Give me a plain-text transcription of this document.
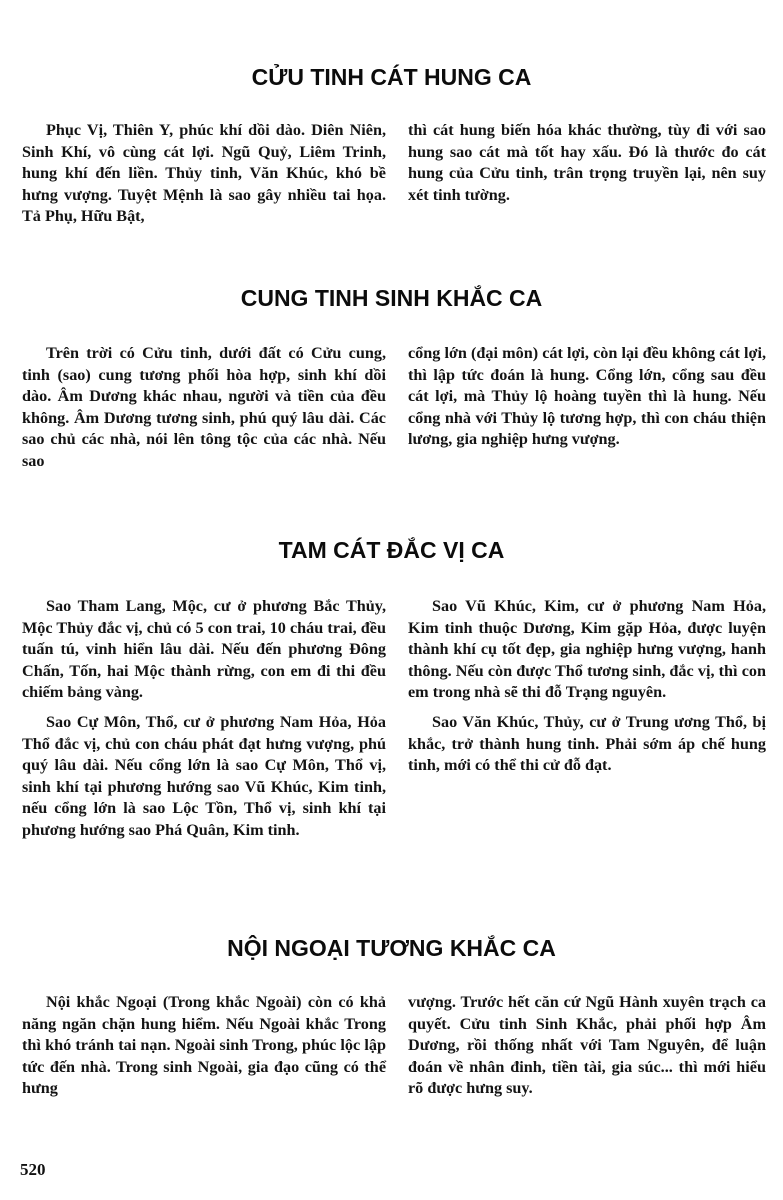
CỬU TINH CÁT HUNG CA

Phục Vị, Thiên Y, phúc khí dồi dào. Diên Niên, Sinh Khí, vô cùng cát lợi. Ngũ Quỷ, Liêm Trinh, hung khí đến liền. Thủy tinh, Văn Khúc, khó bề hưng vượng. Tuyệt Mệnh là sao gây nhiều tai họa. Tả Phụ, Hữu Bật,

thì cát hung biến hóa khác thường, tùy đi với sao hung sao cát mà tốt hay xấu. Đó là thước đo cát hung của Cửu tinh, trân trọng truyền lại, nên suy xét tinh tường.

CUNG TINH SINH KHẮC CA

Trên trời có Cửu tinh, dưới đất có Cửu cung, tinh (sao) cung tương phối hòa hợp, sinh khí dồi dào. Âm Dương khác nhau, người và tiền của đều không. Âm Dương tương sinh, phú quý lâu dài. Các sao chủ các nhà, nói lên tông tộc của các nhà. Nếu sao

cổng lớn (đại môn) cát lợi, còn lại đều không cát lợi, thì lập tức đoán là hung. Cổng lớn, cổng sau đều cát lợi, mà Thủy lộ hoàng tuyền thì là hung. Nếu cổng nhà với Thủy lộ tương hợp, thì con cháu thiện lương, gia nghiệp hưng vượng.

TAM CÁT ĐẮC VỊ CA

Sao Tham Lang, Mộc, cư ở phương Bắc Thủy, Mộc Thủy đắc vị, chủ có 5 con trai, 10 cháu trai, đều tuấn tú, vinh hiển lâu dài. Nếu đến phương Đông Chấn, Tốn, hai Mộc thành rừng, con em đi thi đều chiếm bảng vàng.

Sao Cự Môn, Thổ, cư ở phương Nam Hỏa, Hỏa Thổ đắc vị, chủ con cháu phát đạt hưng vượng, phú quý lâu dài. Nếu cổng lớn là sao Cự Môn, Thổ vị, sinh khí tại phương hướng sao Vũ Khúc, Kim tinh, nếu cổng lớn là sao Lộc Tồn, Thổ vị, sinh khí tại phương hướng sao Phá Quân, Kim tinh.

Sao Vũ Khúc, Kim, cư ở phương Nam Hỏa, Kim tinh thuộc Dương, Kim gặp Hỏa, được luyện thành khí cụ tốt đẹp, gia nghiệp hưng vượng, hanh thông. Nếu còn được Thổ tương sinh, đắc vị, thì con em trong nhà sẽ thi đỗ Trạng nguyên.

Sao Văn Khúc, Thủy, cư ở Trung ương Thổ, bị khắc, trở thành hung tinh. Phải sớm áp chế hung tinh, mới có thể thi cử đỗ đạt.

NỘI NGOẠI TƯƠNG KHẮC CA

Nội khắc Ngoại (Trong khắc Ngoài) còn có khả năng ngăn chặn hung hiểm. Nếu Ngoài khắc Trong thì khó tránh tai nạn. Ngoài sinh Trong, phúc lộc lập tức đến nhà. Trong sinh Ngoài, gia đạo cũng có thể hưng

vượng. Trước hết căn cứ Ngũ Hành xuyên trạch ca quyết. Cửu tinh Sinh Khắc, phải phối hợp Âm Dương, rồi thống nhất với Tam Nguyên, để luận đoán về nhân đinh, tiền tài, gia súc... thì mới hiểu rõ được hưng suy.

520
